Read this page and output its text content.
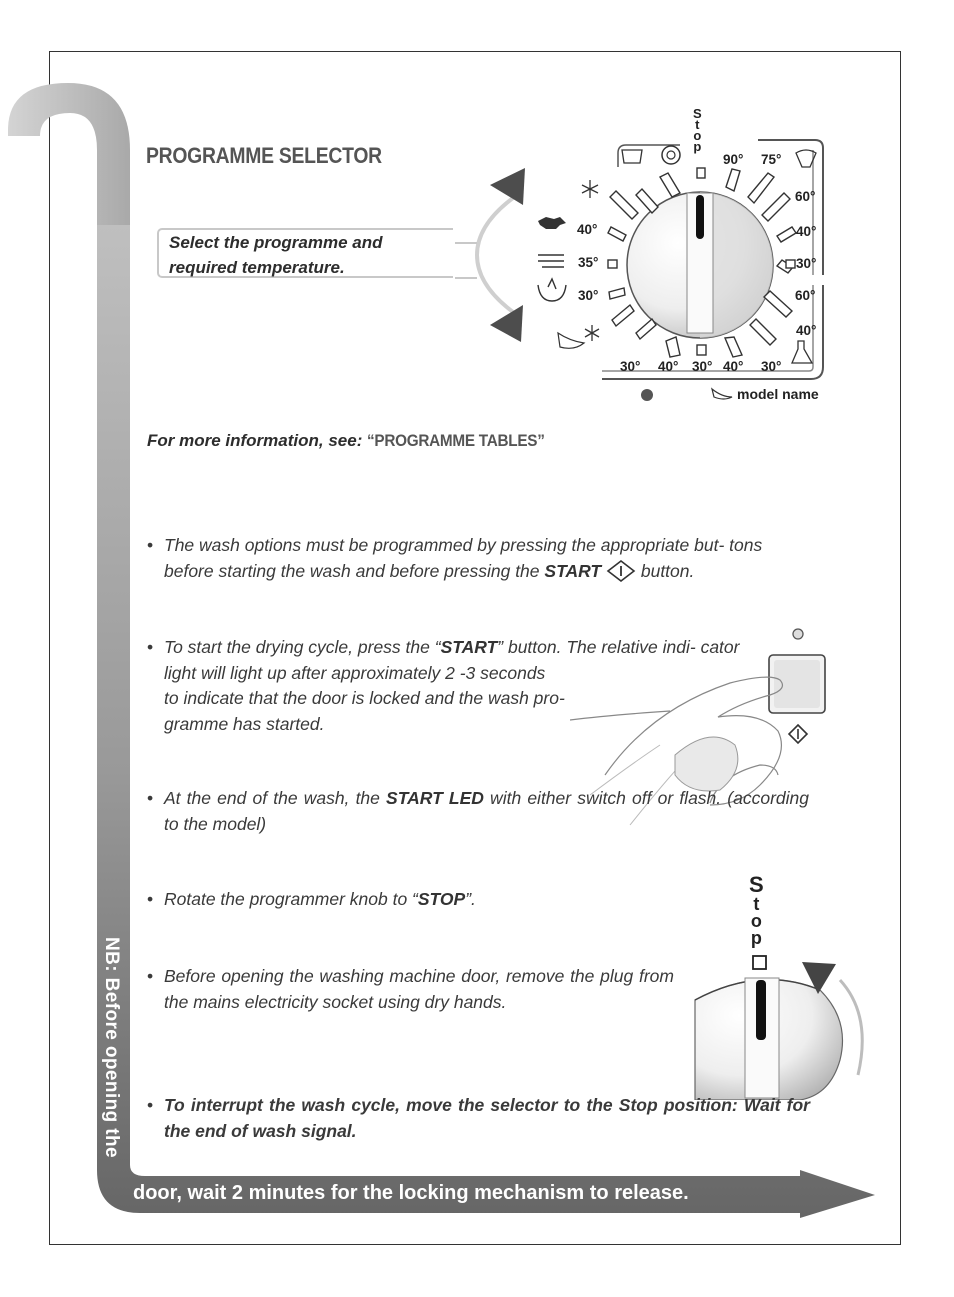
NB: Before opening the
door, wait 2 minutes for the locking mechanism to release.
PROGRAMME SELECTOR
Select the programme and
required temperature.
S
t
o
p
90° 75°
60°
40°
30°
60°
40°
40°
35°
30°
30° 40° 30° 40° 30°
model name
For more information, see: “PROGRAMME TABLES”
• The wash options must be programmed by pressing the appropriate but- tons before starting the wash and before pressing the START button.
• To start the drying cycle, press the “START” button. The relative indi- cator light will light up after approximately 2 -3 seconds
to indicate that the door is locked and the wash pro-
gramme has started.
• At the end of the wash, the START LED with either switch off or flash. (according to the model)
• Rotate the programmer knob to “STOP”.
S
t
o
p
• Before opening the washing machine door, remove the plug from the mains electricity socket using dry hands.
• To interrupt the wash cycle, move the selector to the Stop position: Wait for the end of wash signal.
